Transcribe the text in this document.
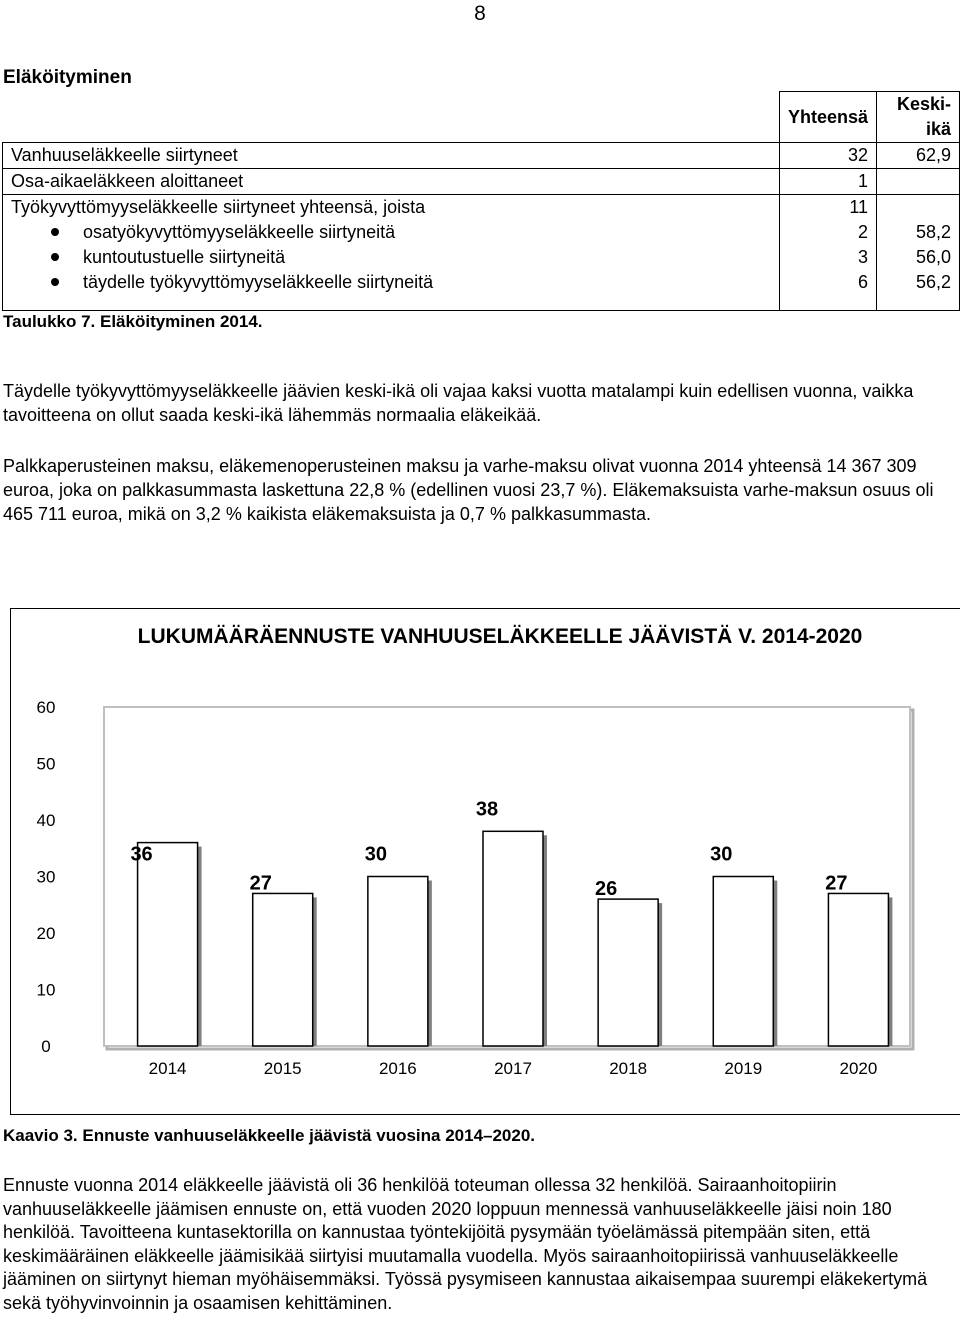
8
Eläköityminen
	Yhteensä	Keski-ikä
Vanhuuseläkkeelle siirtyneet	32	62,9
Osa-aikaeläkkeen aloittaneet	1	
Työkyvyttömyyseläkkeelle siirtyneet yhteensä, joista	11	
osatyökyvyttömyyseläkkeelle siirtyneitä	2	58,2
kuntoutustuelle siirtyneitä	3	56,0
täydelle työkyvyttömyyseläkkeelle siirtyneitä	6	56,2
Taulukko 7. Eläköityminen 2014.
Täydelle työkyvyttömyyseläkkeelle jäävien keski-ikä oli vajaa kaksi vuotta matalampi kuin edellisen vuonna, vaikka tavoitteena on ollut saada keski-ikä lähemmäs normaalia eläkeikää.
Palkkaperusteinen maksu, eläkemenoperusteinen maksu ja varhe-maksu olivat vuonna 2014 yhteensä 14 367 309 euroa, joka on palkkasummasta laskettuna 22,8 % (edellinen vuosi 23,7 %). Eläkemaksuista varhe-maksun osuus oli 465 711 euroa, mikä on 3,2 % kaikista eläkemaksuista ja 0,7 % palkkasummasta.
LUKUMÄÄRÄENNUSTE VANHUUSELÄKKEELLE JÄÄVISTÄ V. 2014-2020
0
10
20
30
40
50
60
36
2014
27
2015
30
2016
38
2017
26
2018
30
2019
27
2020
Kaavio 3. Ennuste vanhuuseläkkeelle jäävistä vuosina 2014–2020.
Ennuste vuonna 2014 eläkkeelle jäävistä oli 36 henkilöä toteuman ollessa 32 henkilöä. Sairaanhoitopiirin vanhuuseläkkeelle jäämisen ennuste on, että vuoden 2020 loppuun mennessä vanhuuseläkkeelle jäisi noin 180 henkilöä. Tavoitteena kuntasektorilla on kannustaa työntekijöitä pysymään työelämässä pitempään siten, että keskimääräinen eläkkeelle jäämisikää siirtyisi muutamalla vuodella. Myös sairaanhoitopiirissä vanhuuseläkkeelle jääminen on siirtynyt hieman myöhäisemmäksi. Työssä pysymiseen kannustaa aikaisempaa suurempi eläkekertymä sekä työhyvinvoinnin ja osaamisen kehittäminen.
